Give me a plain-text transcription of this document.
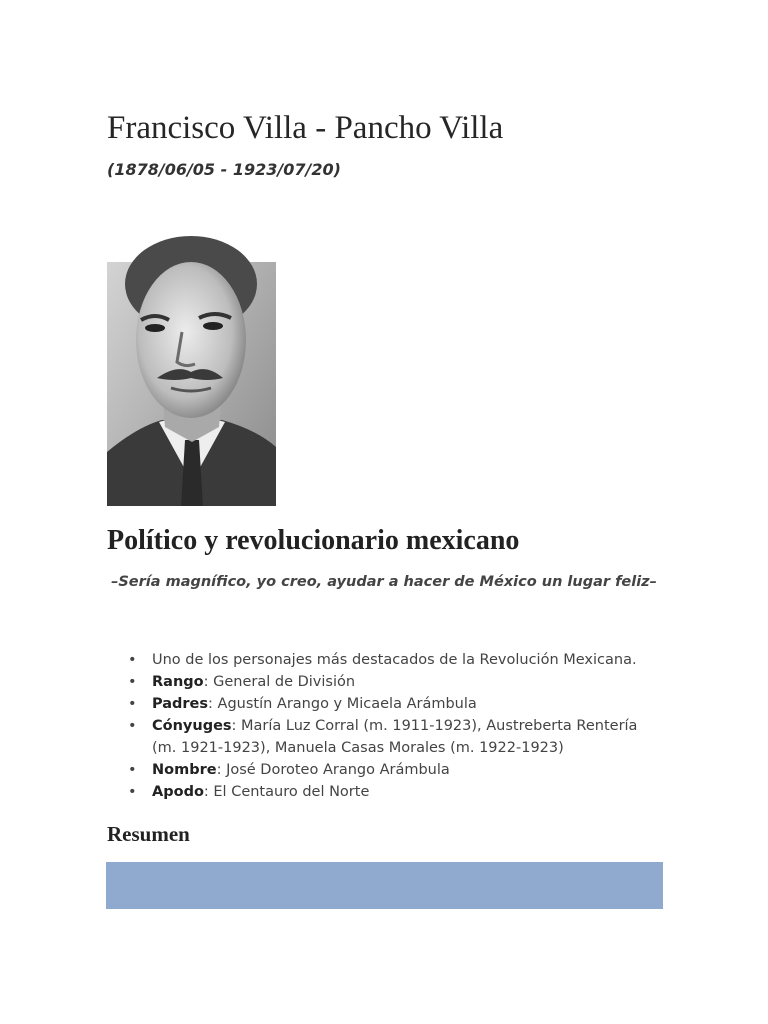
Francisco Villa - Pancho Villa

(1878/06/05 - 1923/07/20)

Político y revolucionario mexicano

–Sería magnífico, yo creo, ayudar a hacer de México un lugar feliz–

• Uno de los personajes más destacados de la Revolución Mexicana.
• Rango: General de División
• Padres: Agustín Arango y Micaela Arámbula
• Cónyuges: María Luz Corral (m. 1911-1923), Austreberta Rentería (m. 1921-1923), Manuela Casas Morales (m. 1922-1923)
• Nombre: José Doroteo Arango Arámbula
• Apodo: El Centauro del Norte
Resumen
